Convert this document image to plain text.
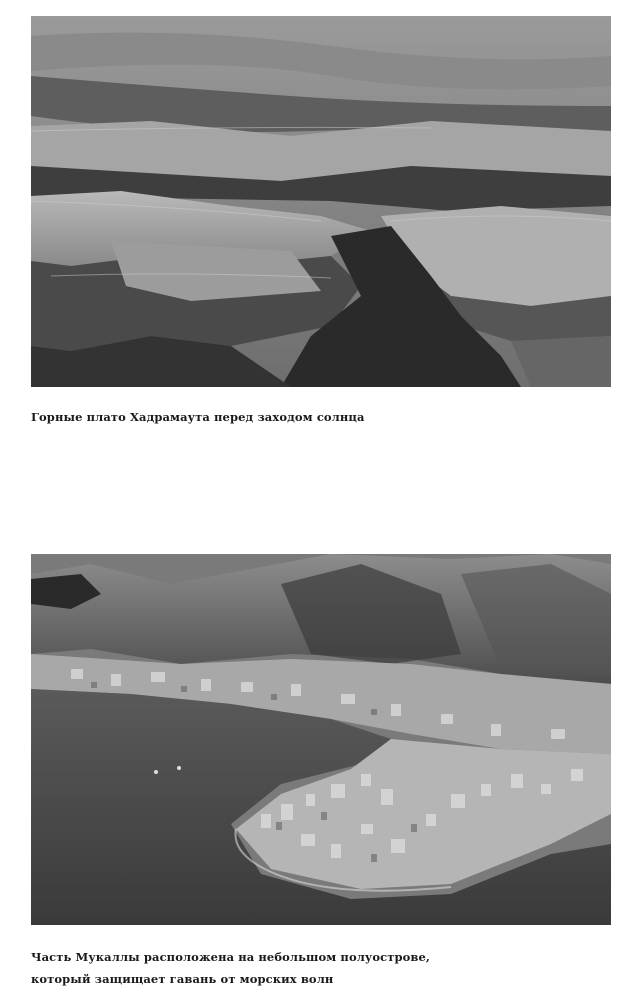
Горные плато Хадрамаута перед заходом солнца
Часть Мукаллы расположена на небольшом полуострове,
который защищает гавань от морских волн
